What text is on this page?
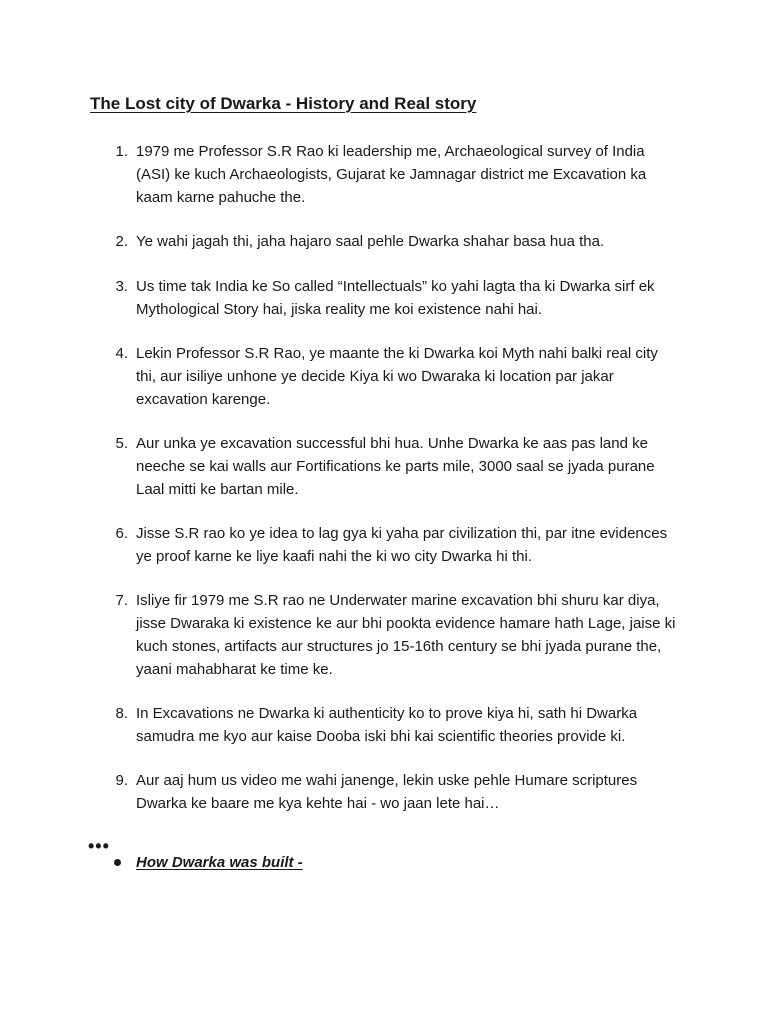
The Lost city of Dwarka - History and Real story
1. 1979 me Professor S.R Rao ki leadership me, Archaeological survey of India
(ASI) ke kuch Archaeologists, Gujarat ke Jamnagar district me Excavation ka
kaam karne pahuche the.

2. Ye wahi jagah thi, jaha hajaro saal pehle Dwarka shahar basa hua tha.

3. Us time tak India ke So called “Intellectuals” ko yahi lagta tha ki Dwarka sirf ek
Mythological Story hai, jiska reality me koi existence nahi hai.

4. Lekin Professor S.R Rao, ye maante the ki Dwarka koi Myth nahi balki real city
thi, aur isiliye unhone ye decide Kiya ki wo Dwaraka ki location par jakar
excavation karenge.

5. Aur unka ye excavation successful bhi hua. Unhe Dwarka ke aas pas land ke
neeche se kai walls aur Fortifications ke parts mile, 3000 saal se jyada purane
Laal mitti ke bartan mile.

6. Jisse S.R rao ko ye idea to lag gya ki yaha par civilization thi, par itne evidences
ye proof karne ke liye kaafi nahi the ki wo city Dwarka hi thi.

7. Isliye fir 1979 me S.R rao ne Underwater marine excavation bhi shuru kar diya,
jisse Dwaraka ki existence ke aur bhi pookta evidence hamare hath Lage, jaise ki
kuch stones, artifacts aur structures jo 15-16th century se bhi jyada purane the,
yaani mahabharat ke time ke.

8. In Excavations ne Dwarka ki authenticity ko to prove kiya hi, sath hi Dwarka
samudra me kyo aur kaise Dooba iski bhi kai scientific theories provide ki.

9. Aur aaj hum us video me wahi janenge, lekin uske pehle Humare scriptures
Dwarka ke baare me kya kehte hai - wo jaan lete hai…

•••
How Dwarka was built -
